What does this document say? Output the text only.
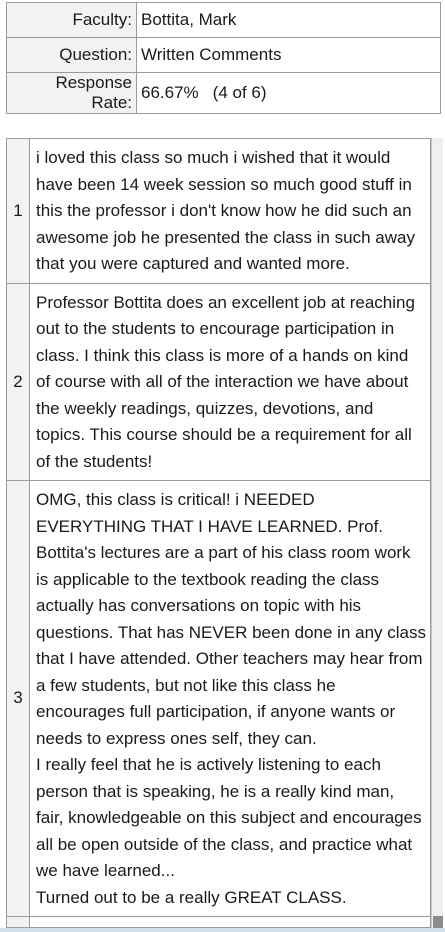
Faculty:	Bottita, Mark
Question:	Written Comments
Response Rate:	66.67% (4 of 6)
1	i loved this class so much i wished that it would have been 14 week session so much good stuff in this the professor i don't know how he did such an awesome job he presented the class in such away that you were captured and wanted more.

2	Professor Bottita does an excellent job at reaching out to the students to encourage participation in class. I think this class is more of a hands on kind of course with all of the interaction we have about the weekly readings, quizzes, devotions, and topics. This course should be a requirement for all of the students!

3	OMG, this class is critical! i NEEDED EVERYTHING THAT I HAVE LEARNED. Prof. Bottita's lectures are a part of his class room work is applicable to the textbook reading the class actually has conversations on topic with his
questions. That has NEVER been done in any class that I have attended. Other teachers may hear from a few students, but not like this class he encourages full participation, if anyone wants or needs to express ones self, they can.
I really feel that he is actively listening to each person that is speaking, he is a really kind man, fair, knowledgeable on this subject and encourages all be open outside of the class, and practice what we have learned...
Turned out to be a really GREAT CLASS.
